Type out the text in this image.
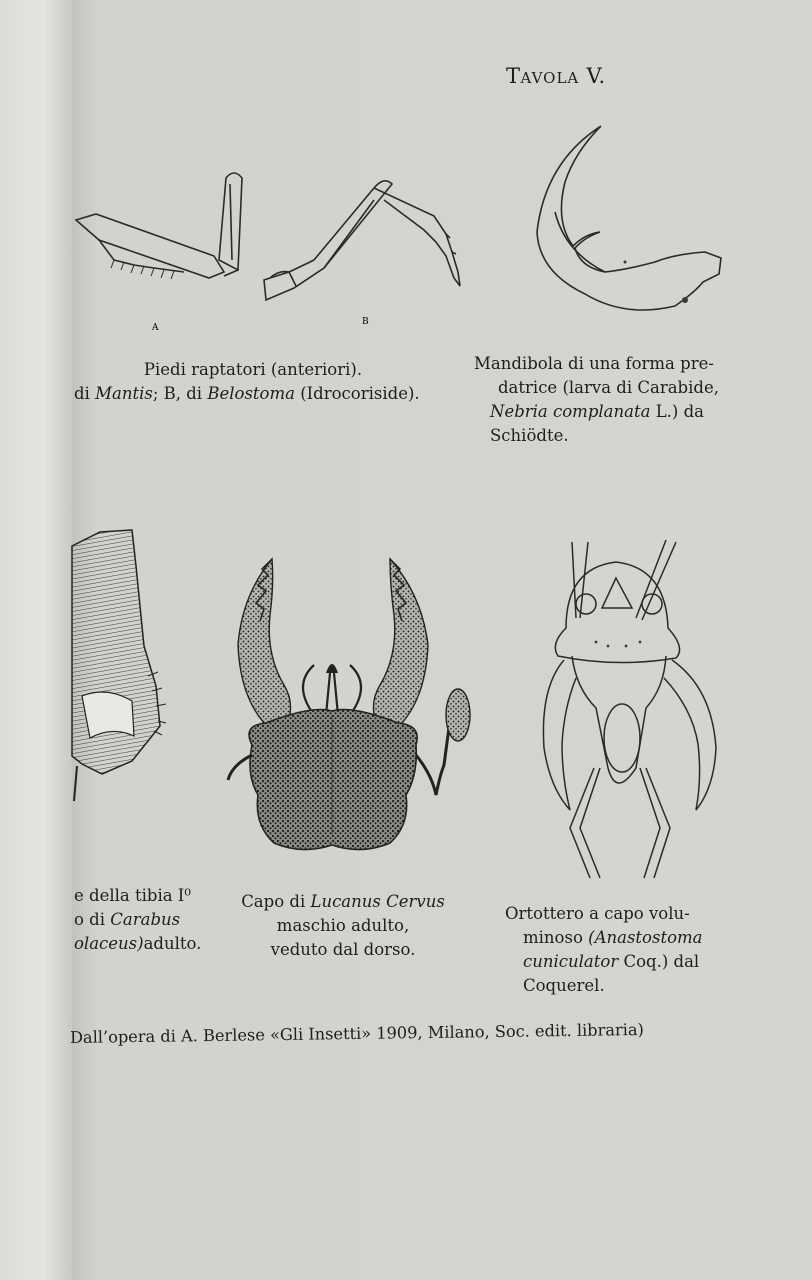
TAVOLA V.
A
B
Piedi raptatori (anteriori).
di Mantis; B, di Belostoma (Idrocoriside).
Mandibola di una forma pre-
datrice (larva di Carabide,
Nebria complanata L.) da
Schiödte.
e della tibia I⁰
o di Carabus
olaceus)adulto.
Capo di Lucanus Cervus
maschio adulto,
veduto dal dorso.
Ortottero a capo volu-
minoso (Anastostoma
cuniculator Coq.) dal
Coquerel.
Dall’opera di A. Berlese «Gli Insetti» 1909, Milano, Soc. edit. libraria)
